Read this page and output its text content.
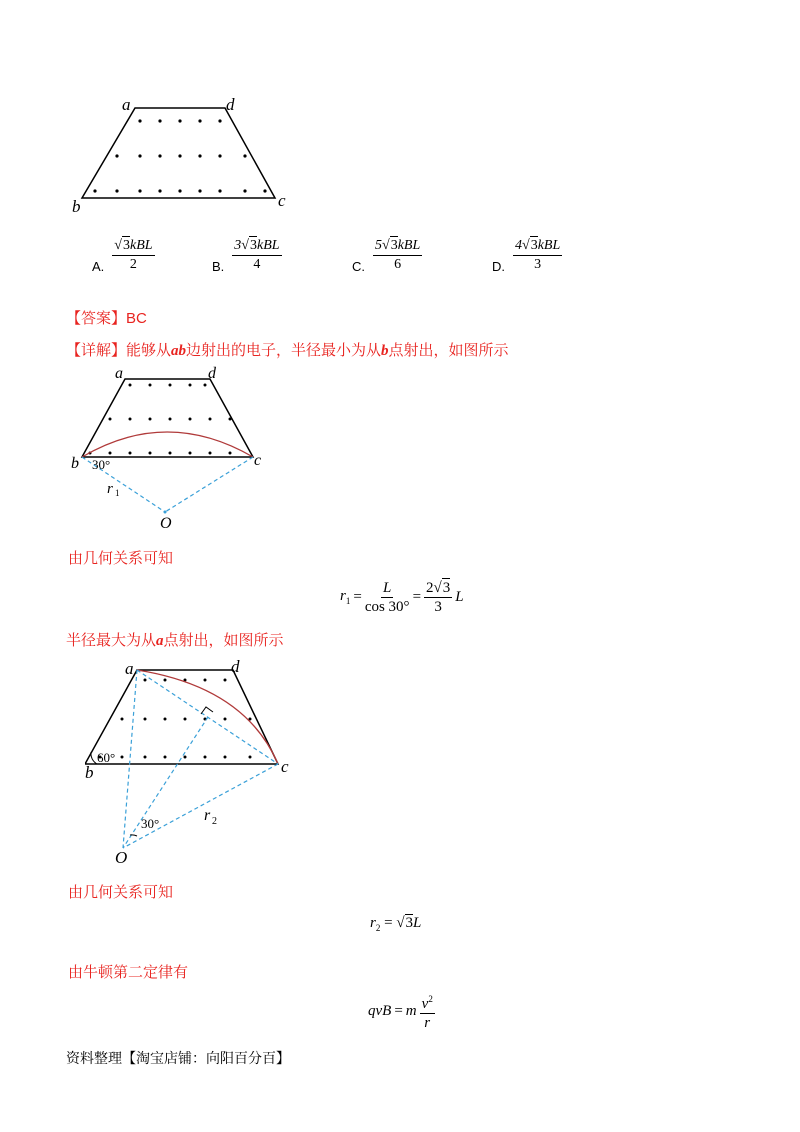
a	d
b	c
A. $\frac{\text{√3kBL}}{2}$	B. $\frac{\text{3√3kBL}}{4}$	C. $\frac{\text{5√3kBL}}{6}$	D. $\frac{\text{4√3kBL}}{3}$
【答案】BC
【详解】能够从ab边射出的电子，半径最小为从b点射出，如图所示
a	d
b	c
30°
r 1
O
由几何关系可知
$r_1 = \frac{L}{\cos 30^\circ} = \frac{2√3}{3}$ L
半径最大为从a点射出，如图所示
a	d
b	c
60°
30°	r 2
O
由几何关系可知
$r_2 = √3L$
由牛顿第二定律有
qvB = m $\frac{v^2}{r}$
资料整理【淘宝店铺：向阳百分百】
